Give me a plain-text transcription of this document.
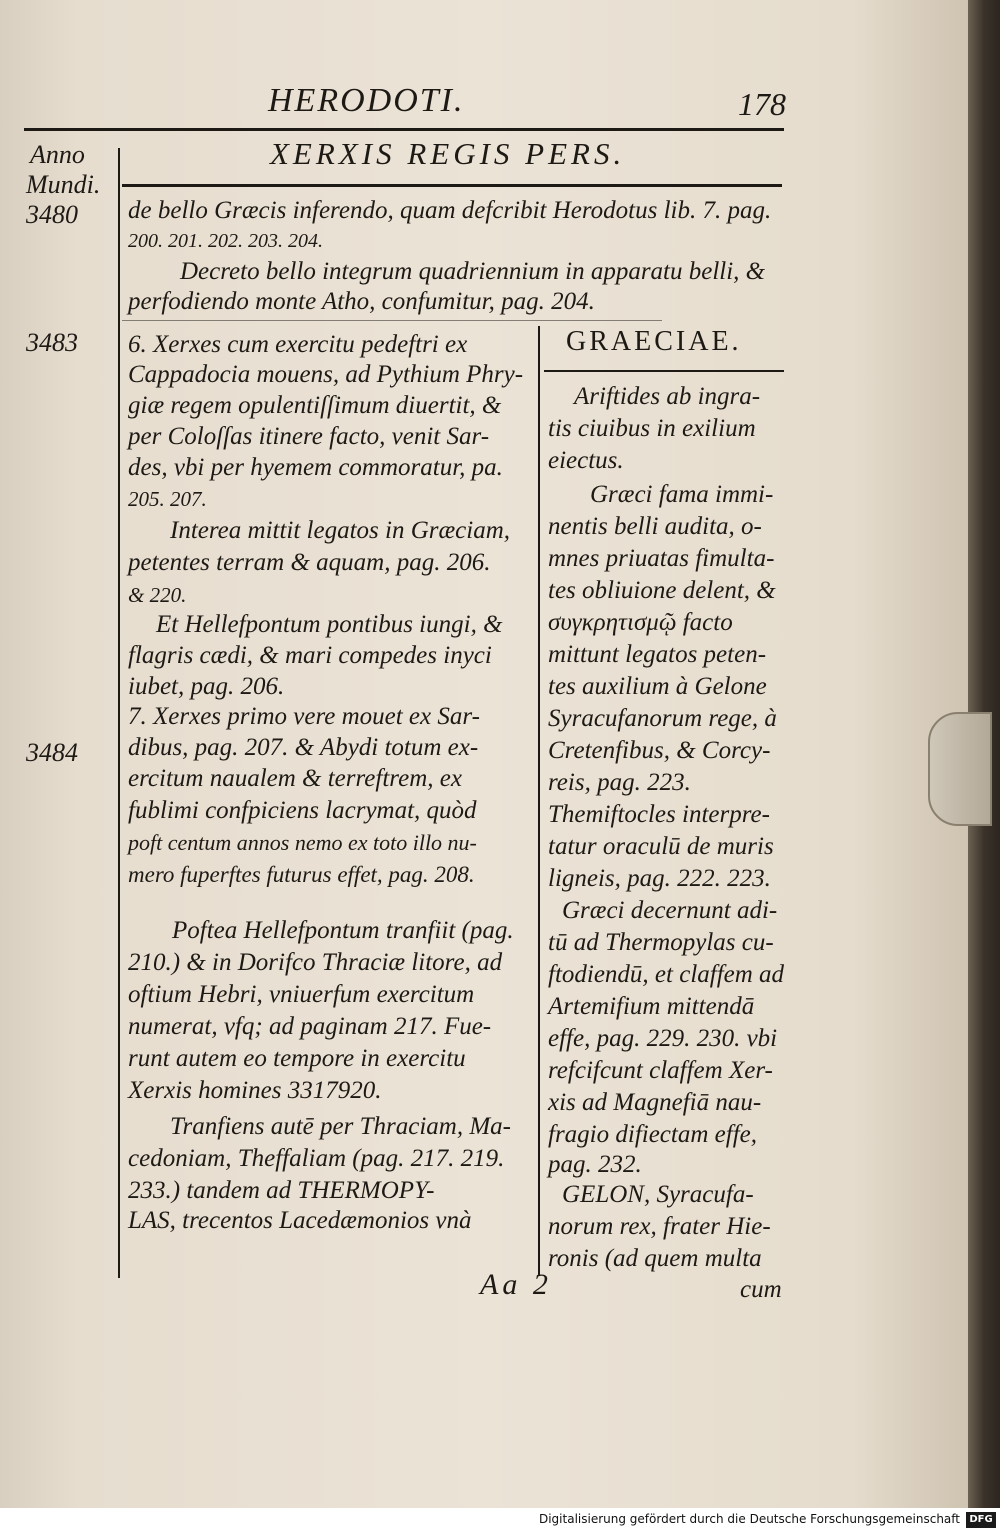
HERODOTI.	178
Anno
Mundi.
3480
3483
3484
XERXIS REGIS PERS.
de bello Græcis inferendo, quam defcribit Herodotus lib. 7. pag.
200. 201. 202. 203. 204.
Decreto bello integrum quadriennium in apparatu belli, &
perfodiendo monte Atho, confumitur, pag. 204.
6. Xerxes cum exercitu pedeftri ex
Cappadocia mouens, ad Pythium Phry-
giæ regem opulentiſſimum diuertit, &
per Coloſſas itinere facto, venit Sar-
des, vbi per hyemem commoratur, pa.
205. 207.
Interea mittit legatos in Græciam,
petentes terram & aquam, pag. 206.
& 220.
Et Hellefpontum pontibus iungi, &
flagris cædi, & mari compedes inyci
iubet, pag. 206.
7. Xerxes primo vere mouet ex Sar-
dibus, pag. 207. & Abydi totum ex-
ercitum naualem & terreftrem, ex
fublimi confpiciens lacrymat, quòd
poft centum annos nemo ex toto illo nu-
mero fuperftes futurus effet, pag. 208.
Poftea Hellefpontum tranfiit (pag.
210.) & in Dorifco Thraciæ litore, ad
oftium Hebri, vniuerfum exercitum
numerat, vfq; ad paginam 217. Fue-
runt autem eo tempore in exercitu
Xerxis homines 3317920.
Tranfiens autē per Thraciam, Ma-
cedoniam, Theffaliam (pag. 217. 219.
233.) tandem ad THERMOPY-
LAS, trecentos Lacedæmonios vnà
GRAECIAE.
Ariftides ab ingra-
tis ciuibus in exilium
eiectus.
Græci fama immi-
nentis belli audita, o-
mnes priuatas fimulta-
tes obliuione delent, &
συγκρητισμῷ facto
mittunt legatos peten-
tes auxilium à Gelone
Syracufanorum rege, à
Cretenfibus, & Corcy-
reis, pag. 223.
Themiftocles interpre-
tatur oraculū de muris
ligneis, pag. 222. 223.
Græci decernunt adi-
tū ad Thermopylas cu-
ftodiendū, et claffem ad
Artemifium mittendā
effe, pag. 229. 230. vbi
refcifcunt claffem Xer-
xis ad Magnefiā nau-
fragio difiectam effe,
pag. 232.
GELON, Syracufa-
norum rex, frater Hie-
ronis (ad quem multa
Aa 2	cum
Digitalisierung gefördert durch die Deutsche Forschungsgemeinschaft DFG
